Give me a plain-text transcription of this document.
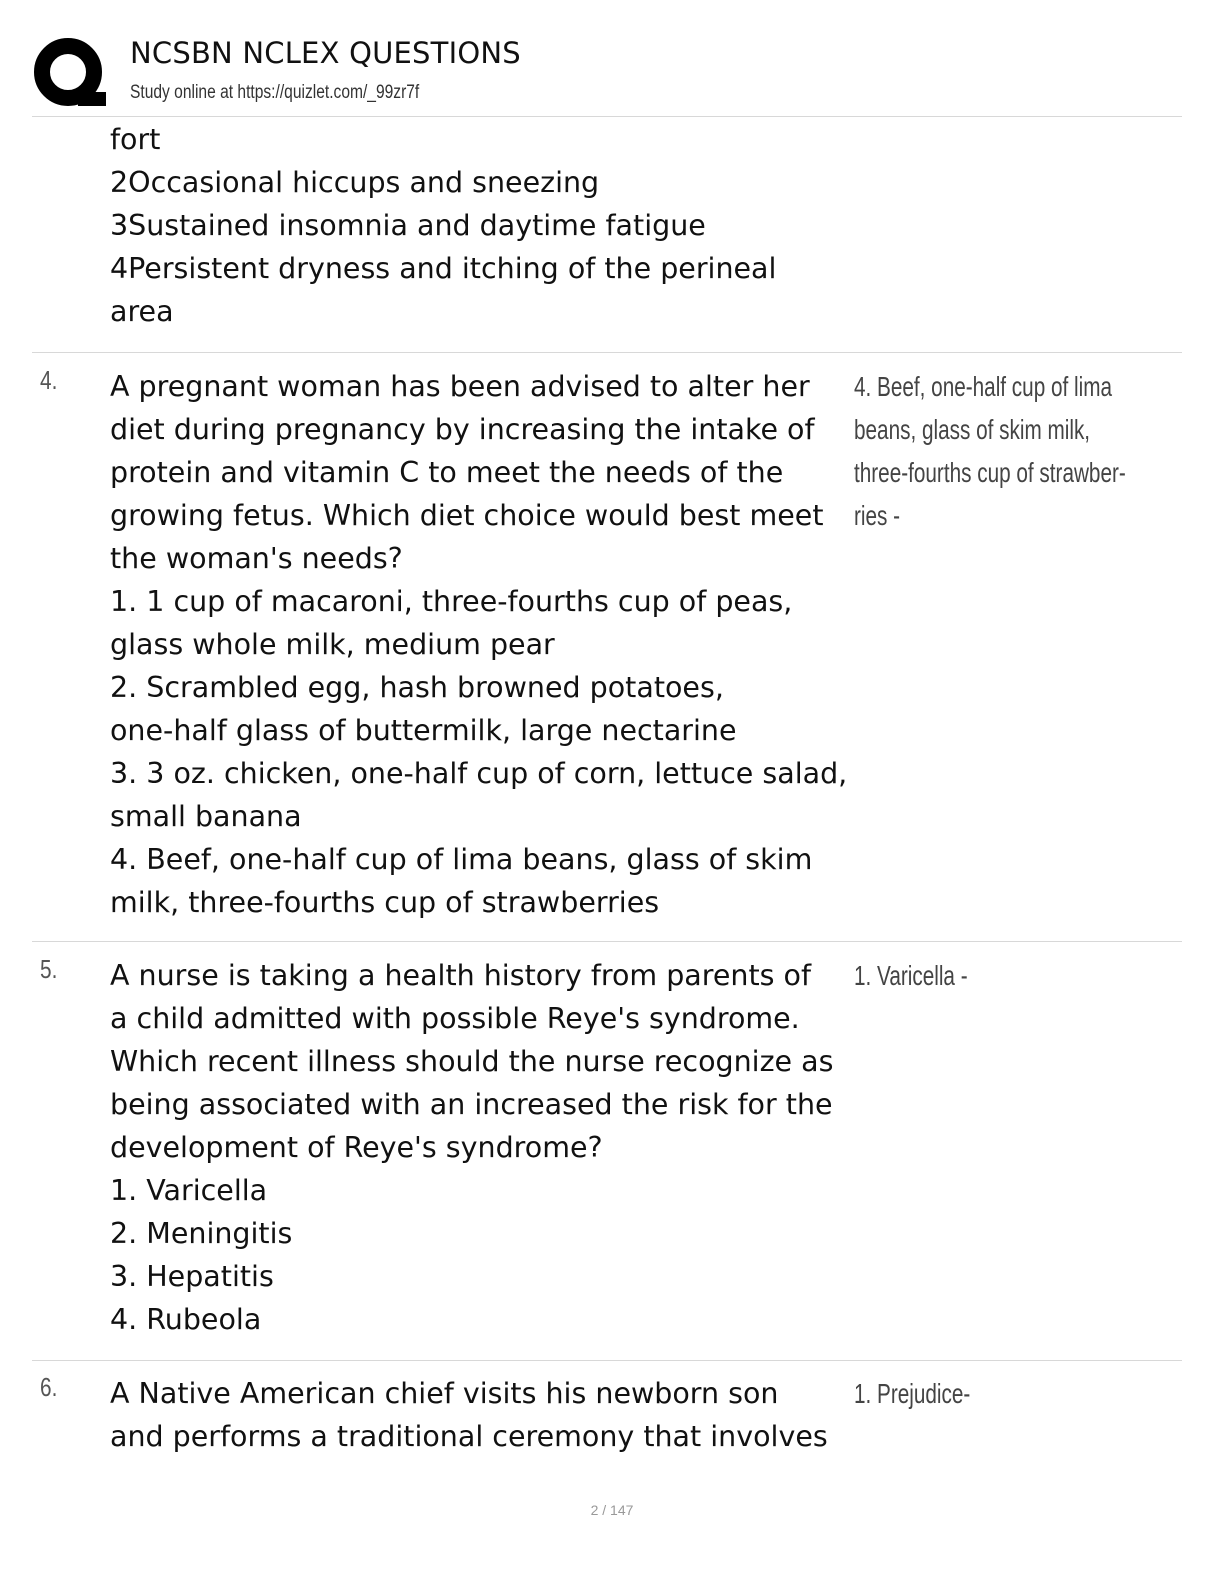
NCSBN NCLEX QUESTIONS
Study online at https://quizlet.com/_99zr7f
fort
2Occasional hiccups and sneezing
3Sustained insomnia and daytime fatigue
4Persistent dryness and itching of the perineal
area
4. A pregnant woman has been advised to alter her
diet during pregnancy by increasing the intake of
protein and vitamin C to meet the needs of the
growing fetus. Which diet choice would best meet
the woman's needs?
1. 1 cup of macaroni, three-fourths cup of peas,
glass whole milk, medium pear
2. Scrambled egg, hash browned potatoes,
one-half glass of buttermilk, large nectarine
3. 3 oz. chicken, one-half cup of corn, lettuce salad,
small banana
4. Beef, one-half cup of lima beans, glass of skim
milk, three-fourths cup of strawberries
4. Beef, one-half cup of lima
beans, glass of skim milk,
three-fourths cup of strawber-
ries -
5. A nurse is taking a health history from parents of
a child admitted with possible Reye's syndrome.
Which recent illness should the nurse recognize as
being associated with an increased the risk for the
development of Reye's syndrome?
1. Varicella
2. Meningitis
3. Hepatitis
4. Rubeola
1. Varicella -
6. A Native American chief visits his newborn son
and performs a traditional ceremony that involves
1. Prejudice-
2 / 147
